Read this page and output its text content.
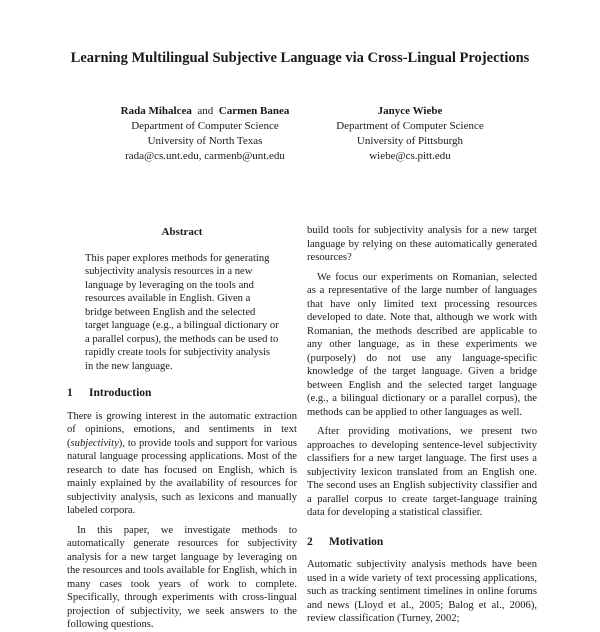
Learning Multilingual Subjective Language via Cross-Lingual Projections
Rada Mihalcea and Carmen Banea
Department of Computer Science
University of North Texas
rada@cs.unt.edu, carmenb@unt.edu
Janyce Wiebe
Department of Computer Science
University of Pittsburgh
wiebe@cs.pitt.edu
Abstract

This paper explores methods for generating subjectivity analysis resources in a new language by leveraging on the tools and resources available in English. Given a bridge between English and the selected target language (e.g., a bilingual dictionary or a parallel corpus), the methods can be used to rapidly create tools for subjectivity analysis in the new language.

1 Introduction

There is growing interest in the automatic extraction of opinions, emotions, and sentiments in text (subjectivity), to provide tools and support for various natural language processing applications. Most of the research to date has focused on English, which is mainly explained by the availability of resources for subjectivity analysis, such as lexicons and manually labeled corpora.

In this paper, we investigate methods to automatically generate resources for subjectivity analysis for a new target language by leveraging on the resources and tools available for English, which in many cases took years of work to complete. Specifically, through experiments with cross-lingual projection of subjectivity, we seek answers to the following questions.

build tools for subjectivity analysis for a new target language by relying on these automatically generated resources?

We focus our experiments on Romanian, selected as a representative of the large number of languages that have only limited text processing resources developed to date. Note that, although we work with Romanian, the methods described are applicable to any other language, as in these experiments we (purposely) do not use any language-specific knowledge of the target language. Given a bridge between English and the selected target language (e.g., a bilingual dictionary or a parallel corpus), the methods can be applied to other languages as well.

After providing motivations, we present two approaches to developing sentence-level subjectivity classifiers for a new target language. The first uses a subjectivity lexicon translated from an English one. The second uses an English subjectivity classifier and a parallel corpus to create target-language training data for developing a statistical classifier.

2 Motivation

Automatic subjectivity analysis methods have been used in a wide variety of text processing applications, such as tracking sentiment timelines in online forums and news (Lloyd et al., 2005; Balog et al., 2006), review classification (Turney, 2002;
